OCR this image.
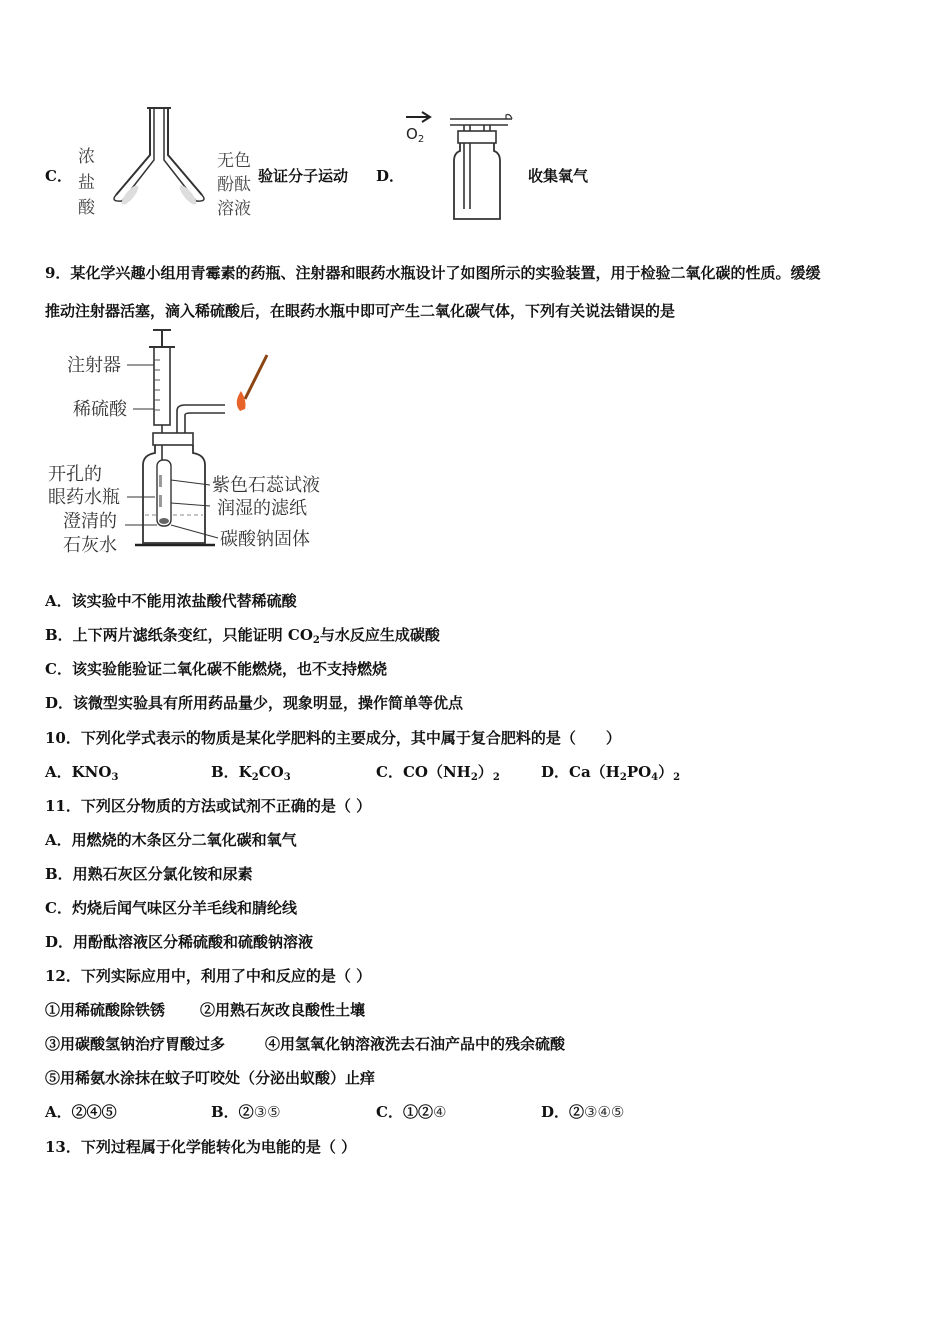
C．
浓
盐
酸
无色
酚酞
溶液
验证分子运动 D．
$O_2$
收集氧气
9．某化学兴趣小组用青霉素的药瓶、注射器和眼药水瓶设计了如图所示的实验装置，用于检验二氧化碳的性质。缓缓
推动注射器活塞，滴入稀硫酸后，在眼药水瓶中即可产生二氧化碳气体，下列有关说法错误的是
注射器
稀硫酸
开孔的
眼药水瓶
澄清的
石灰水
紫色石蕊试液
润湿的滤纸
碳酸钠固体
A．该实验中不能用浓盐酸代替稀硫酸
B．上下两片滤纸条变红，只能证明 $CO_2$与水反应生成碳酸
C．该实验能验证二氧化碳不能燃烧，也不支持燃烧
D．该微型实验具有所用药品量少，现象明显，操作简单等优点
10．下列化学式表示的物质是某化学肥料的主要成分，其中属于复合肥料的是（　　）
A．$KNO_3$	B．$K_2CO_3$	C．$CO(NH_2)_2$	D．$Ca(H_2PO_4)_2$
11．下列区分物质的方法或试剂不正确的是（ ）
A．用燃烧的木条区分二氧化碳和氧气
B．用熟石灰区分氯化铵和尿素
C．灼烧后闻气味区分羊毛线和腈纶线
D．用酚酞溶液区分稀硫酸和硫酸钠溶液
12．下列实际应用中，利用了中和反应的是（ ）
①用稀硫酸除铁锈 ②用熟石灰改良酸性土壤
③用碳酸氢钠治疗胃酸过多	④用氢氧化钠溶液洗去石油产品中的残余硫酸
⑤用稀氨水涂抹在蚊子叮咬处（分泌出蚁酸）止痒
A．②④⑤	B．②③⑤	C．①②④	D．②③④⑤
13．下列过程属于化学能转化为电能的是（ ）
